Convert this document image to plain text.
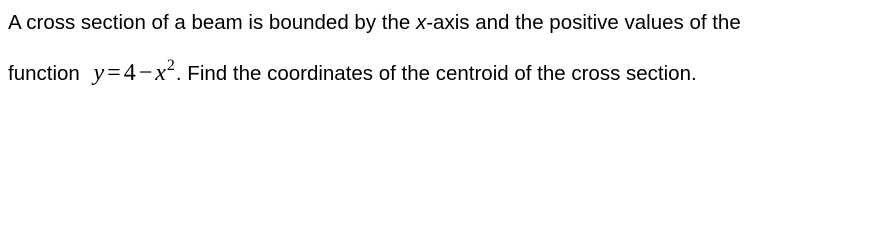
A cross section of a beam is bounded by the x-axis and the positive values of the
function $y = 4 - x^2$. Find the coordinates of the centroid of the cross section.
